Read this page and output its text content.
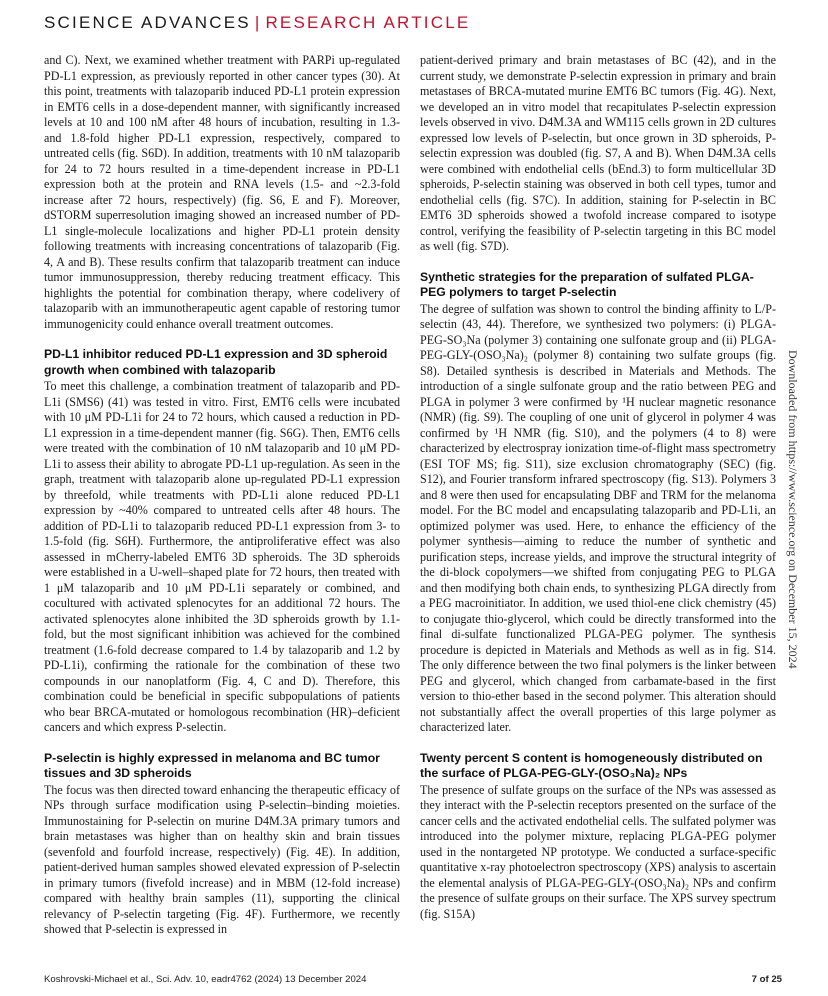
SCIENCE ADVANCES | RESEARCH ARTICLE

and C). Next, we examined whether treatment with PARPi up-regulated PD-L1 expression, as previously reported in other cancer types (30). At this point, treatments with talazoparib induced PD-L1 protein expression in EMT6 cells in a dose-dependent manner, with significantly increased levels at 10 and 100 nM after 48 hours of incubation, resulting in 1.3- and 1.8-fold higher PD-L1 expression, respectively, compared to untreated cells (fig. S6D). In addition, treatments with 10 nM talazoparib for 24 to 72 hours resulted in a time-dependent increase in PD-L1 expression both at the protein and RNA levels (1.5- and ~2.3-fold increase after 72 hours, respectively) (fig. S6, E and F). Moreover, dSTORM superresolution imaging showed an increased number of PD-L1 single-molecule localizations and higher PD-L1 protein density following treatments with increasing concentrations of talazoparib (Fig. 4, A and B). These results confirm that talazoparib treatment can induce tumor immunosuppression, thereby reducing treatment efficacy. This highlights the potential for combination therapy, where codelivery of talazoparib with an immunotherapeutic agent capable of restoring tumor immunogenicity could enhance overall treatment outcomes.

PD-L1 inhibitor reduced PD-L1 expression and 3D spheroid growth when combined with talazoparib

To meet this challenge, a combination treatment of talazoparib and PD-L1i (SMS6) (41) was tested in vitro. First, EMT6 cells were incubated with 10 μM PD-L1i for 24 to 72 hours, which caused a reduction in PD-L1 expression in a time-dependent manner (fig. S6G). Then, EMT6 cells were treated with the combination of 10 nM talazoparib and 10 μM PD-L1i to assess their ability to abrogate PD-L1 up-regulation. As seen in the graph, treatment with talazoparib alone up-regulated PD-L1 expression by threefold, while treatments with PD-L1i alone reduced PD-L1 expression by ~40% compared to untreated cells after 48 hours. The addition of PD-L1i to talazoparib reduced PD-L1 expression from 3- to 1.5-fold (fig. S6H). Furthermore, the antiproliferative effect was also assessed in mCherry-labeled EMT6 3D spheroids. The 3D spheroids were established in a U-well–shaped plate for 72 hours, then treated with 1 μM talazoparib and 10 μM PD-L1i separately or combined, and cocultured with activated splenocytes for an additional 72 hours. The activated splenocytes alone inhibited the 3D spheroids growth by 1.1-fold, but the most significant inhibition was achieved for the combined treatment (1.6-fold decrease compared to 1.4 by talazoparib and 1.2 by PD-L1i), confirming the rationale for the combination of these two compounds in our nanoplatform (Fig. 4, C and D). Therefore, this combination could be beneficial in specific subpopulations of patients who bear BRCA-mutated or homologous recombination (HR)–deficient cancers and which express P-selectin.

P-selectin is highly expressed in melanoma and BC tumor tissues and 3D spheroids

The focus was then directed toward enhancing the therapeutic efficacy of NPs through surface modification using P-selectin–binding moieties. Immunostaining for P-selectin on murine D4M.3A primary tumors and brain metastases was higher than on healthy skin and brain tissues (sevenfold and fourfold increase, respectively) (Fig. 4E). In addition, patient-derived human samples showed elevated expression of P-selectin in primary tumors (fivefold increase) and in MBM (12-fold increase) compared with healthy brain samples (11), supporting the clinical relevancy of P-selectin targeting (Fig. 4F). Furthermore, we recently showed that P-selectin is expressed in

patient-derived primary and brain metastases of BC (42), and in the current study, we demonstrate P-selectin expression in primary and brain metastases of BRCA-mutated murine EMT6 BC tumors (Fig. 4G). Next, we developed an in vitro model that recapitulates P-selectin expression levels observed in vivo. D4M.3A and WM115 cells grown in 2D cultures expressed low levels of P-selectin, but once grown in 3D spheroids, P-selectin expression was doubled (fig. S7, A and B). When D4M.3A cells were combined with endothelial cells (bEnd.3) to form multicellular 3D spheroids, P-selectin staining was observed in both cell types, tumor and endothelial cells (fig. S7C). In addition, staining for P-selectin in BC EMT6 3D spheroids showed a twofold increase compared to isotype control, verifying the feasibility of P-selectin targeting in this BC model as well (fig. S7D).

Synthetic strategies for the preparation of sulfated PLGA-PEG polymers to target P-selectin

The degree of sulfation was shown to control the binding affinity to L/P-selectin (43, 44). Therefore, we synthesized two polymers: (i) PLGA-PEG-SO₃Na (polymer 3) containing one sulfonate group and (ii) PLGA-PEG-GLY-(OSO₃Na)₂ (polymer 8) containing two sulfate groups (fig. S8). Detailed synthesis is described in Materials and Methods. The introduction of a single sulfonate group and the ratio between PEG and PLGA in polymer 3 were confirmed by ¹H nuclear magnetic resonance (NMR) (fig. S9). The coupling of one unit of glycerol in polymer 4 was confirmed by ¹H NMR (fig. S10), and the polymers (4 to 8) were characterized by electrospray ionization time-of-flight mass spectrometry (ESI TOF MS; fig. S11), size exclusion chromatography (SEC) (fig. S12), and Fourier transform infrared spectroscopy (fig. S13). Polymers 3 and 8 were then used for encapsulating DBF and TRM for the melanoma model. For the BC model and encapsulating talazoparib and PD-L1i, an optimized polymer was used. Here, to enhance the efficiency of the polymer synthesis—aiming to reduce the number of synthetic and purification steps, increase yields, and improve the structural integrity of the di-block copolymers—we shifted from conjugating PEG to PLGA and then modifying both chain ends, to synthesizing PLGA directly from a PEG macroinitiator. In addition, we used thiol-ene click chemistry (45) to conjugate thio-glycerol, which could be directly transformed into the final di-sulfate functionalized PLGA-PEG polymer. The synthesis procedure is depicted in Materials and Methods as well as in fig. S14. The only difference between the two final polymers is the linker between PEG and glycerol, which changed from carbamate-based in the first version to thio-ether based in the second polymer. This alteration should not substantially affect the overall properties of this large polymer as characterized later.

Twenty percent S content is homogeneously distributed on the surface of PLGA-PEG-GLY-(OSO₃Na)₂ NPs

The presence of sulfate groups on the surface of the NPs was assessed as they interact with the P-selectin receptors presented on the surface of the cancer cells and the activated endothelial cells. The sulfated polymer was introduced into the polymer mixture, replacing PLGA-PEG polymer used in the nontargeted NP prototype. We conducted a surface-specific quantitative x-ray photoelectron spectroscopy (XPS) analysis to ascertain the elemental analysis of PLGA-PEG-GLY-(OSO₃Na)₂ NPs and confirm the presence of sulfate groups on their surface. The XPS survey spectrum (fig. S15A)

Downloaded from https://www.science.org on December 15, 2024
Koshrovski-Michael et al., Sci. Adv. 10, eadr4762 (2024) 13 December 2024	7 of 25
